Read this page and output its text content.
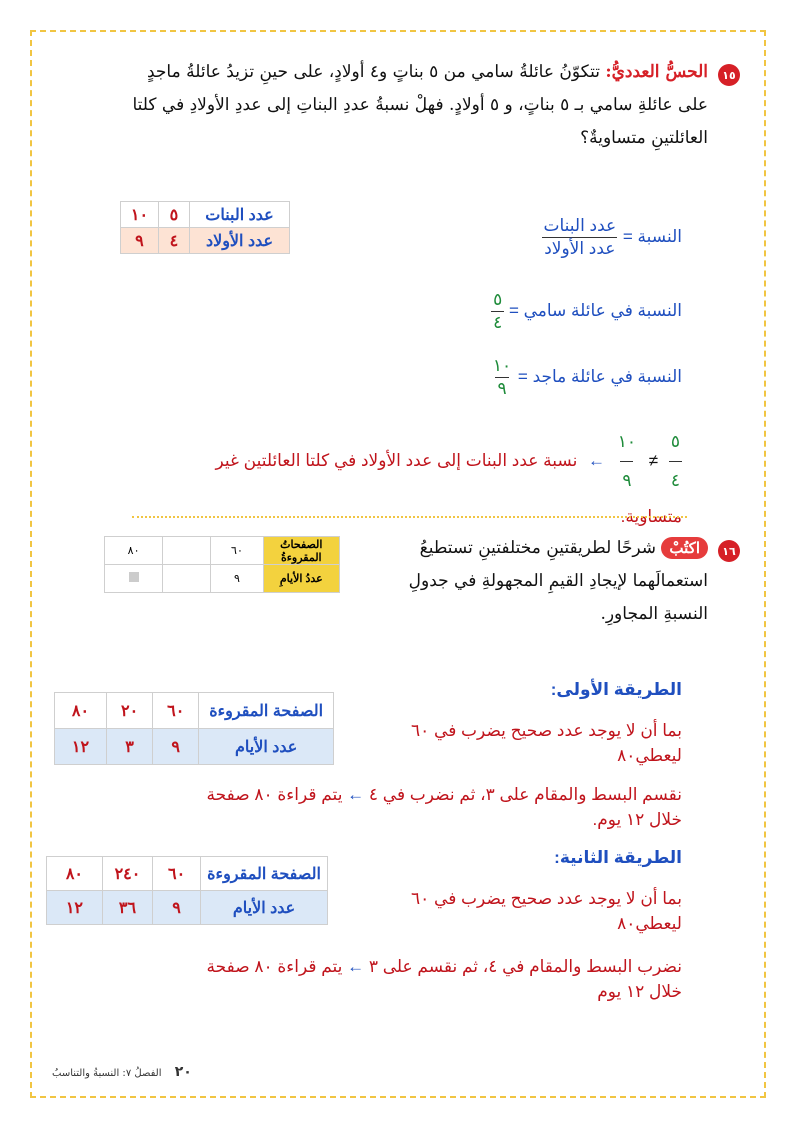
١٥
الحسُّ العدديُّ: تتكوّنُ عائلةُ سامي من ٥ بناتٍ و٤ أولادٍ، على حينِ تزيدُ عائلةُ ماجدٍ
على عائلةِ سامي بـ ٥ بناتٍ، و ٥ أولادٍ. فهلْ نسبةُ عددِ البناتِ إلى عددِ الأولادِ في كلتا
العائلتينِ متساويةٌ؟
عدد البنات	٥	١٠
عدد الأولاد	٤	٩	النسبة =
$\frac{\text{عدد البنات}}{\text{عدد الأولاد}}$
النسبة في عائلة سامي =
$\frac{٥}{٤}$
النسبة في عائلة ماجد =
$\frac{١٠}{٩}$
$\frac{٥}{٤}$
≠
$\frac{١٠}{٩}$
← نسبة عدد البنات إلى عدد الأولاد في كلتا العائلتين غير
متساوية.
١٦
اكتُبْ شرحًا لطريقتينِ مختلفتينِ تستطيعُ
استعمالَهما لإيجادِ القيمِ المجهولةِ في جدولِ
النسبةِ المجاورِ.
الصفحاتُ المقروءةُ	٦٠		٨٠
عددُ الأيامِ	٩		
الطريقة الأولى:
بما أن لا يوجد عدد صحيح يضرب في ٦٠
ليعطي٨٠
الصفحة المقروءة	٦٠	٢٠	٨٠
عدد الأيام	٩	٣	١٢
نقسم البسط والمقام على ٣، ثم نضرب في ٤ ← يتم قراءة ٨٠ صفحة
خلال ١٢ يوم.
الطريقة الثانية:
بما أن لا يوجد عدد صحيح يضرب في ٦٠
ليعطي٨٠
الصفحة المقروءة	٦٠	٢٤٠	٨٠
عدد الأيام	٩	٣٦	١٢
نضرب البسط والمقام في ٤، ثم نقسم على ٣ ← يتم قراءة ٨٠ صفحة
خلال ١٢ يوم
٢٠ الفصلُ ٧: النسبةُ والتناسبُ
